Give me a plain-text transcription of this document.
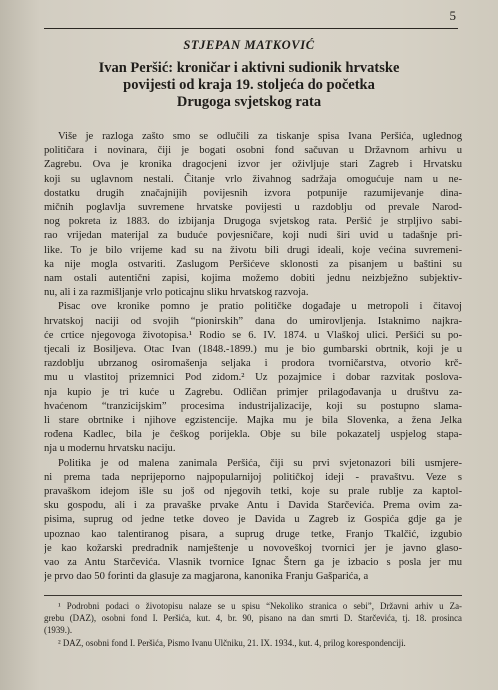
5
STJEPAN MATKOVIĆ
Ivan Peršić: kroničar i aktivni sudionik hrvatske
povijesti od kraja 19. stoljeća do početka
Drugoga svjetskog rata
Više je razloga zašto smo se odlučili za tiskanje spisa Ivana Peršića, uglednog
političara i novinara, čiji je bogati osobni fond sačuvan u Državnom arhivu u
Zagrebu. Ova je kronika dragocjeni izvor jer oživljuje stari Zagreb i Hrvatsku
koji su uglavnom nestali. Čitanje vrlo živahnog sadržaja omogućuje nam u ne-
dostatku drugih značajnijih povijesnih izvora potpunije razumijevanje dina-
mičnih poglavlja suvremene hrvatske povijesti u razdoblju od prevale Narod-
nog pokreta iz 1883. do izbijanja Drugoga svjetskog rata. Peršić je strpljivo sabi-
rao vrijedan materijal za buduće povjesničare, koji nudi širi uvid u tadašnje pri-
like. To je bilo vrijeme kad su na životu bili drugi ideali, koje većina suvremeni-
ka nije mogla ostvariti. Zaslugom Peršićeve sklonosti za pisanjem u baštini su
nam ostali autentični zapisi, kojima možemo dobiti jednu neizbježno subjektiv-
nu, ali i za razmišljanje vrlo poticajnu sliku hrvatskog razvoja.
Pisac ove kronike pomno je pratio političke događaje u metropoli i čitavoj
hrvatskoj naciji od svojih “pionirskih” dana do umirovljenja. Istaknimo najkra-
će crtice njegovoga životopisa.¹ Rodio se 6. IV. 1874. u Vlaškoj ulici. Peršići su po-
tjecali iz Bosiljeva. Otac Ivan (1848.-1899.) mu je bio gumbarski obrtnik, koji je u
razdoblju ubrzanog osiromašenja seljaka i prodora tvorničarstva, otvorio krč-
mu u vlastitoj prizemnici Pod zidom.² Uz pozajmice i dobar razvitak poslova-
nja kupio je tri kuće u Zagrebu. Odličan primjer prilagođavanja u društvu za-
hvaćenom “tranzicijskim” procesima industrijalizacije, koji su postupno slama-
li stare obrtnike i njihove egzistencije. Majka mu je bila Slovenka, a žena Jelka
rođena Kadlec, bila je češkog porijekla. Obje su bile pokazatelj uspjelog stapa-
nja u modernu hrvatsku naciju.
Politika je od malena zanimala Peršića, čiji su prvi svjetonazori bili usmjere-
ni prema tada neprijeporno najpopularnijoj političkoj ideji - pravaštvu. Veze s
pravaškom idejom išle su još od njegovih tetki, koje su prale rublje za kaptol-
sku gospodu, ali i za pravaške prvake Antu i Davida Starčevića. Prema ovim za-
pisima, suprug od jedne tetke doveo je Davida u Zagreb iz Gospića gdje ga je
upoznao kao talentiranog pisara, a suprug druge tetke, Franjo Tkalčić, izgubio
je kao kožarski predradnik namještenje u novoveškoj tvornici jer je javno glaso-
vao za Antu Starčevića. Vlasnik tvornice Ignac Štern ga je izbacio s posla jer mu
je prvo dao 50 forinti da glasuje za magjarona, kanonika Franju Gašparića, a
¹ Podrobni podaci o životopisu nalaze se u spisu “Nekoliko stranica o sebi”, Državni arhiv u Za-
grebu (DAZ), osobni fond I. Peršića, kut. 4, br. 90, pisano na dan smrti D. Starčevića, tj. 18. prosinca
(1939.).
² DAZ, osobni fond I. Peršića, Pismo Ivanu Ulčniku, 21. IX. 1934., kut. 4, prilog korespondenciji.
